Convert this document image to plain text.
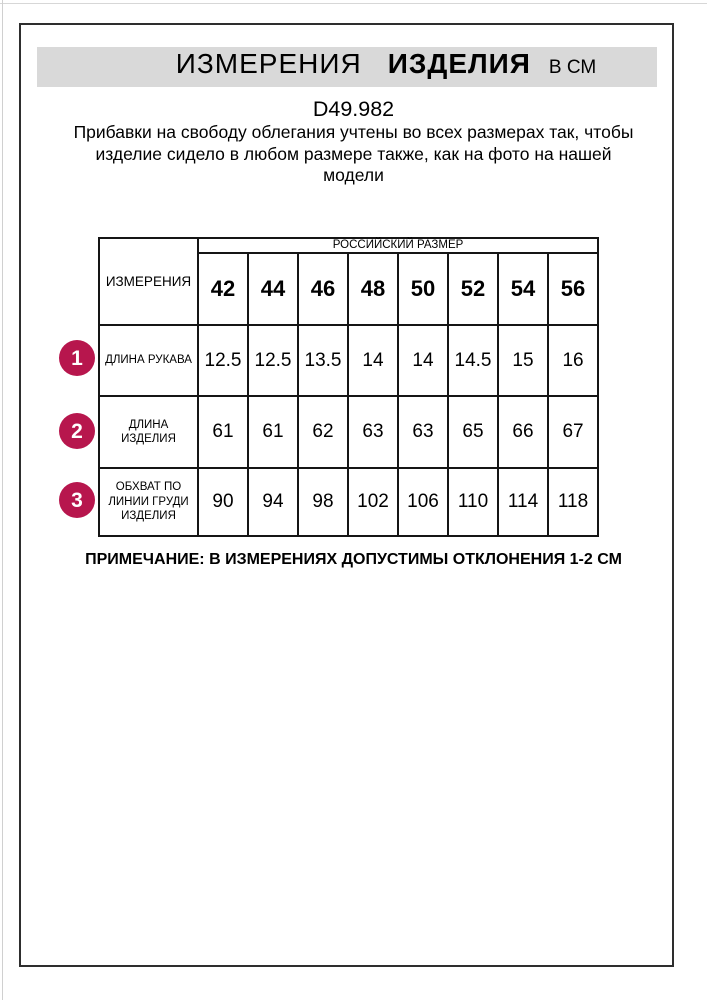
ИЗМЕРЕНИЯ ИЗДЕЛИЯ В СМ
D49.982
Прибавки на свободу облегания учтены во всех размерах так, чтобы
изделие сидело в любом размере также, как на фото на нашей
модели
ИЗМЕРЕНИЯ	РОССИЙСКИЙ РАЗМЕР							
	42	44	46	48	50	52	54	56
ДЛИНА РУКАВА	12.5	12.5	13.5	14	14	14.5	15	16
ДЛИНА ИЗДЕЛИЯ	61	61	62	63	63	65	66	67
ОБХВАТ ПО ЛИНИИ ГРУДИ ИЗДЕЛИЯ	90	94	98	102	106	110	114	118
1
2
3
ПРИМЕЧАНИЕ: В ИЗМЕРЕНИЯХ ДОПУСТИМЫ ОТКЛОНЕНИЯ 1-2 СМ
